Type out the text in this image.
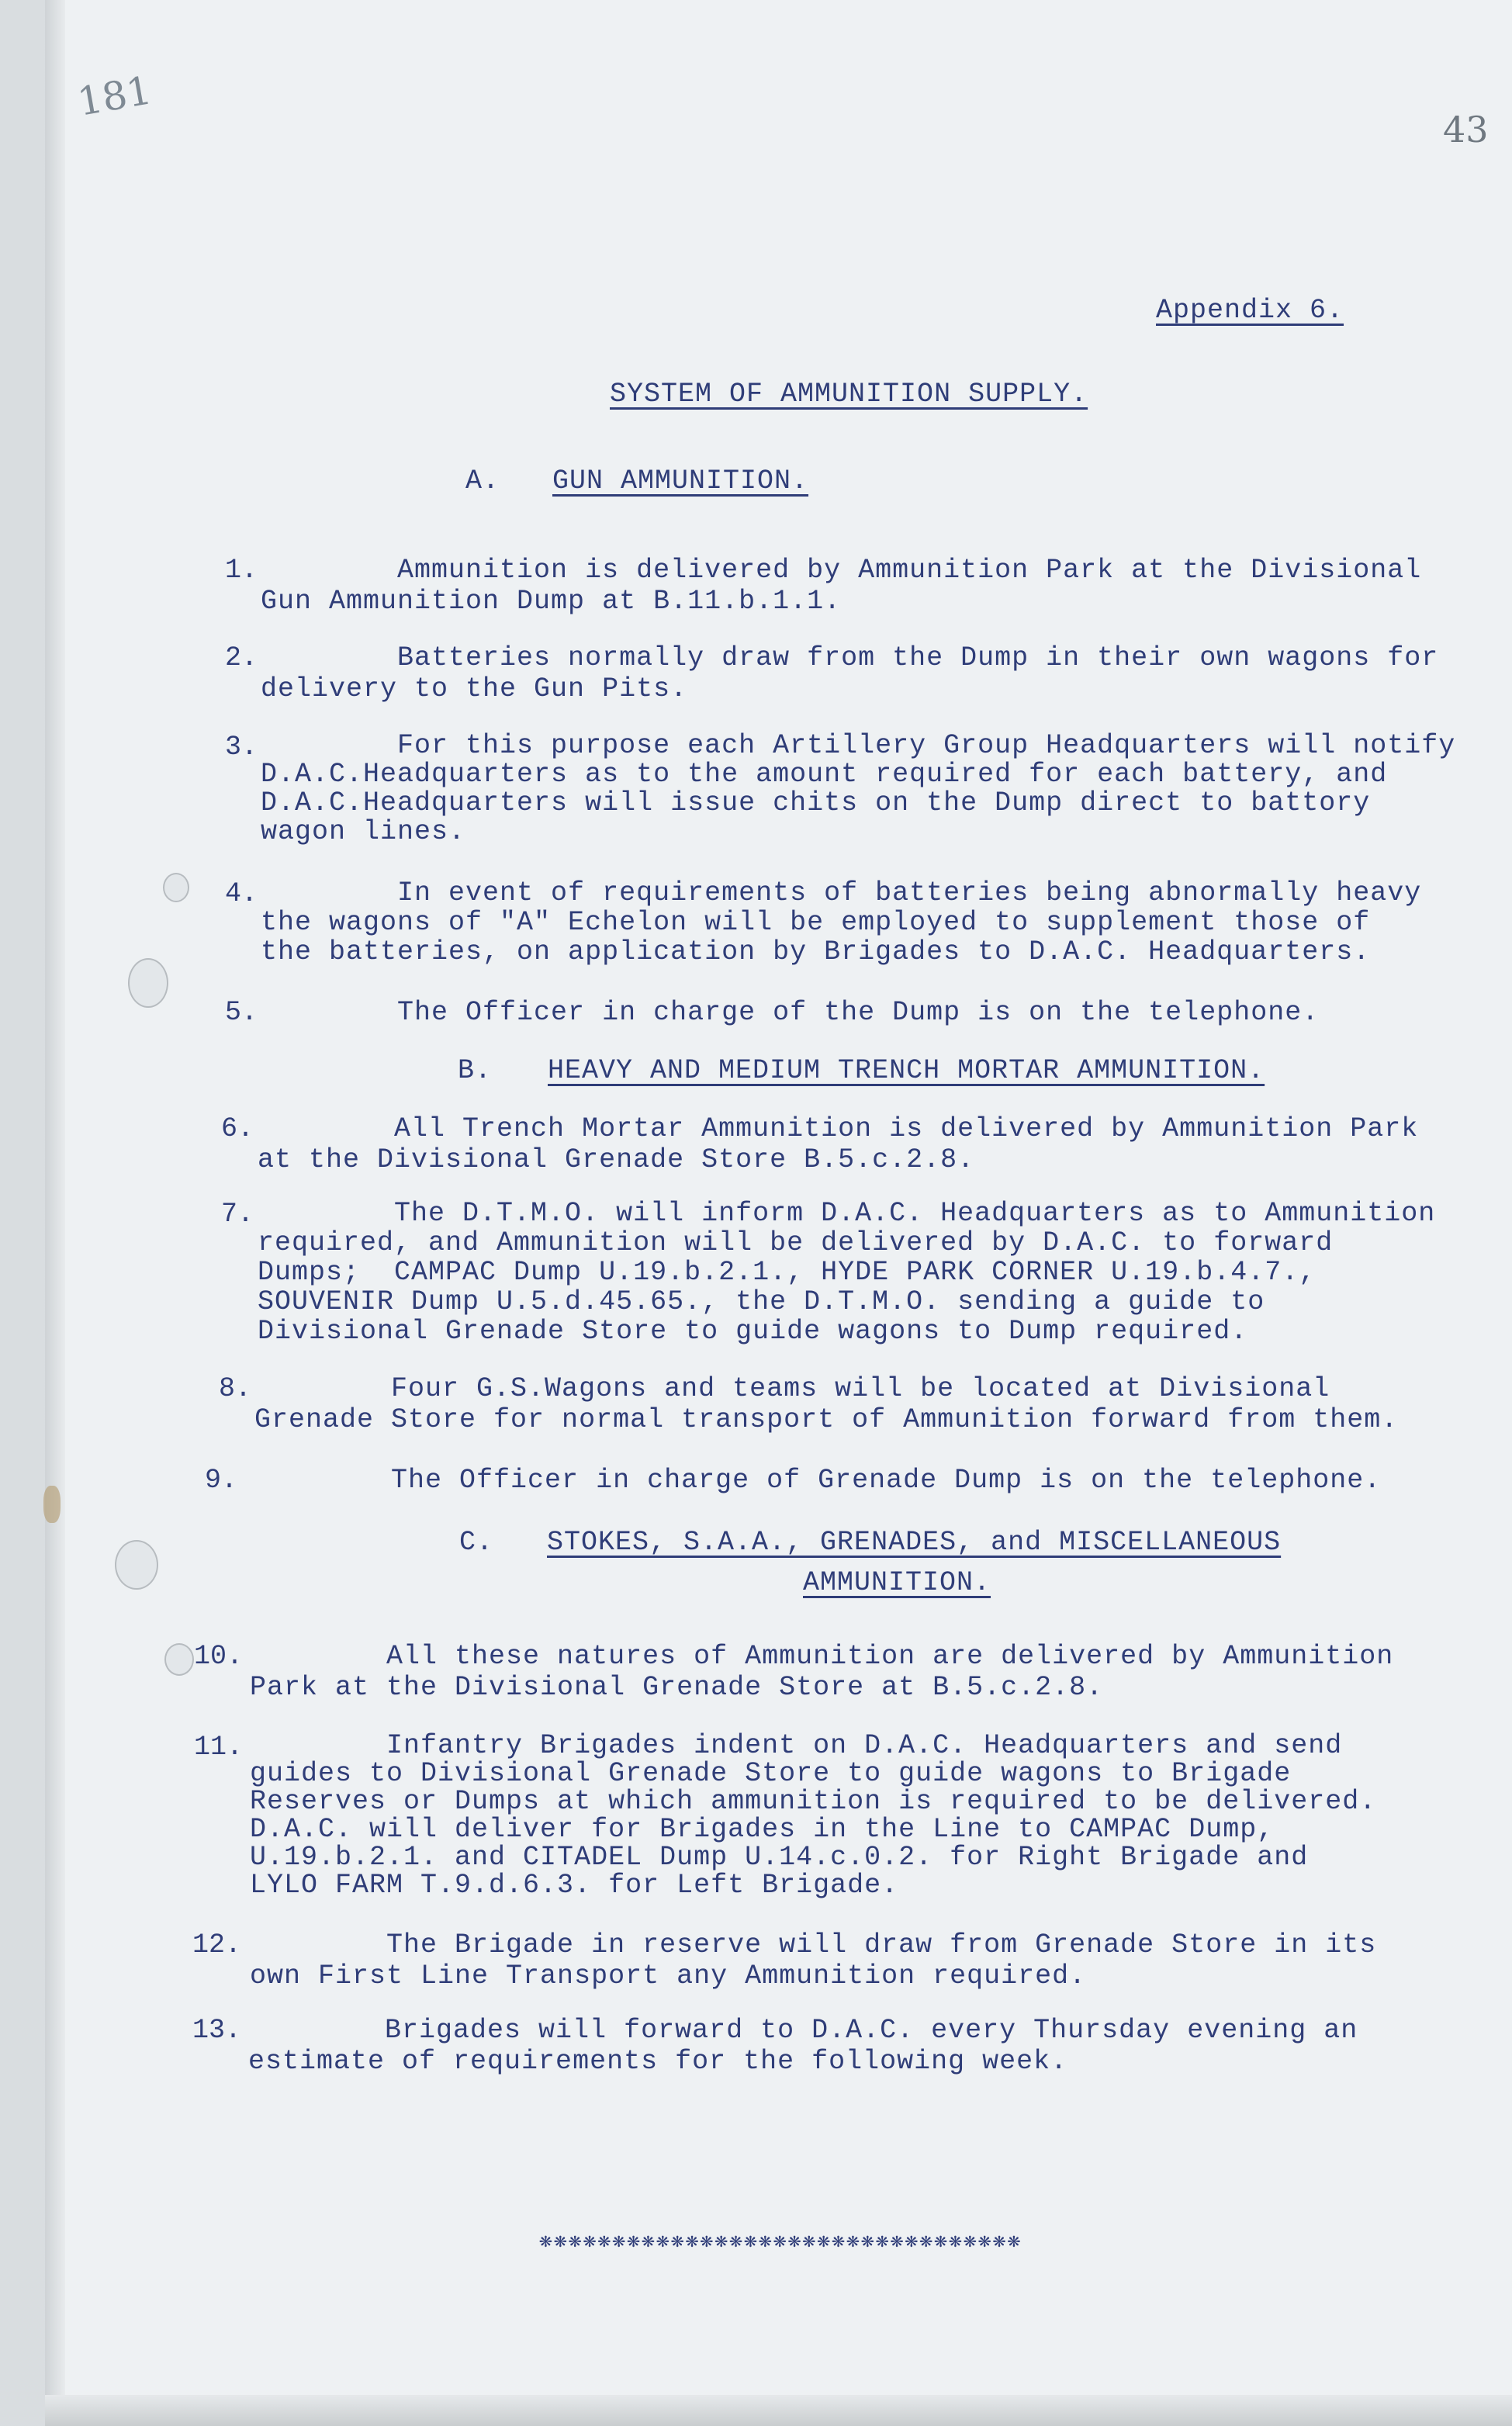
181
43
Appendix 6.
SYSTEM OF AMMUNITION SUPPLY.
A. GUN AMMUNITION.
1. Ammunition is delivered by Ammunition Park at the Divisional
Gun Ammunition Dump at B.11.b.1.1.
2. Batteries normally draw from the Dump in their own wagons for
delivery to the Gun Pits.
3. For this purpose each Artillery Group Headquarters will notify
D.A.C.Headquarters as to the amount required for each battery, and
D.A.C.Headquarters will issue chits on the Dump direct to battory
wagon lines.
4. In event of requirements of batteries being abnormally heavy
the wagons of "A" Echelon will be employed to supplement those of
the batteries, on application by Brigades to D.A.C. Headquarters.
5. The Officer in charge of the Dump is on the telephone.
B. HEAVY AND MEDIUM TRENCH MORTAR AMMUNITION.
6. All Trench Mortar Ammunition is delivered by Ammunition Park
at the Divisional Grenade Store B.5.c.2.8.
7. The D.T.M.O. will inform D.A.C. Headquarters as to Ammunition
required, and Ammunition will be delivered by D.A.C. to forward
Dumps;  CAMPAC Dump U.19.b.2.1., HYDE PARK CORNER U.19.b.4.7.,
SOUVENIR Dump U.5.d.45.65., the D.T.M.O. sending a guide to
Divisional Grenade Store to guide wagons to Dump required.
8. Four G.S.Wagons and teams will be located at Divisional
Grenade Store for normal transport of Ammunition forward from them.
9. The Officer in charge of Grenade Dump is on the telephone.
C. STOKES, S.A.A., GRENADES, and MISCELLANEOUS
AMMUNITION.
10. All these natures of Ammunition are delivered by Ammunition
Park at the Divisional Grenade Store at B.5.c.2.8.
11. Infantry Brigades indent on D.A.C. Headquarters and send
guides to Divisional Grenade Store to guide wagons to Brigade
Reserves or Dumps at which ammunition is required to be delivered.
D.A.C. will deliver for Brigades in the Line to CAMPAC Dump,
U.19.b.2.1. and CITADEL Dump U.14.c.0.2. for Right Brigade and
LYLO FARM T.9.d.6.3. for Left Brigade.
12. The Brigade in reserve will draw from Grenade Store in its
own First Line Transport any Ammunition required.
13. Brigades will forward to D.A.C. every Thursday evening an
estimate of requirements for the following week.
❋❋❋❋❋❋❋❋❋❋❋❋❋❋❋❋❋❋❋❋❋❋❋❋❋❋❋❋❋❋❋❋❋
